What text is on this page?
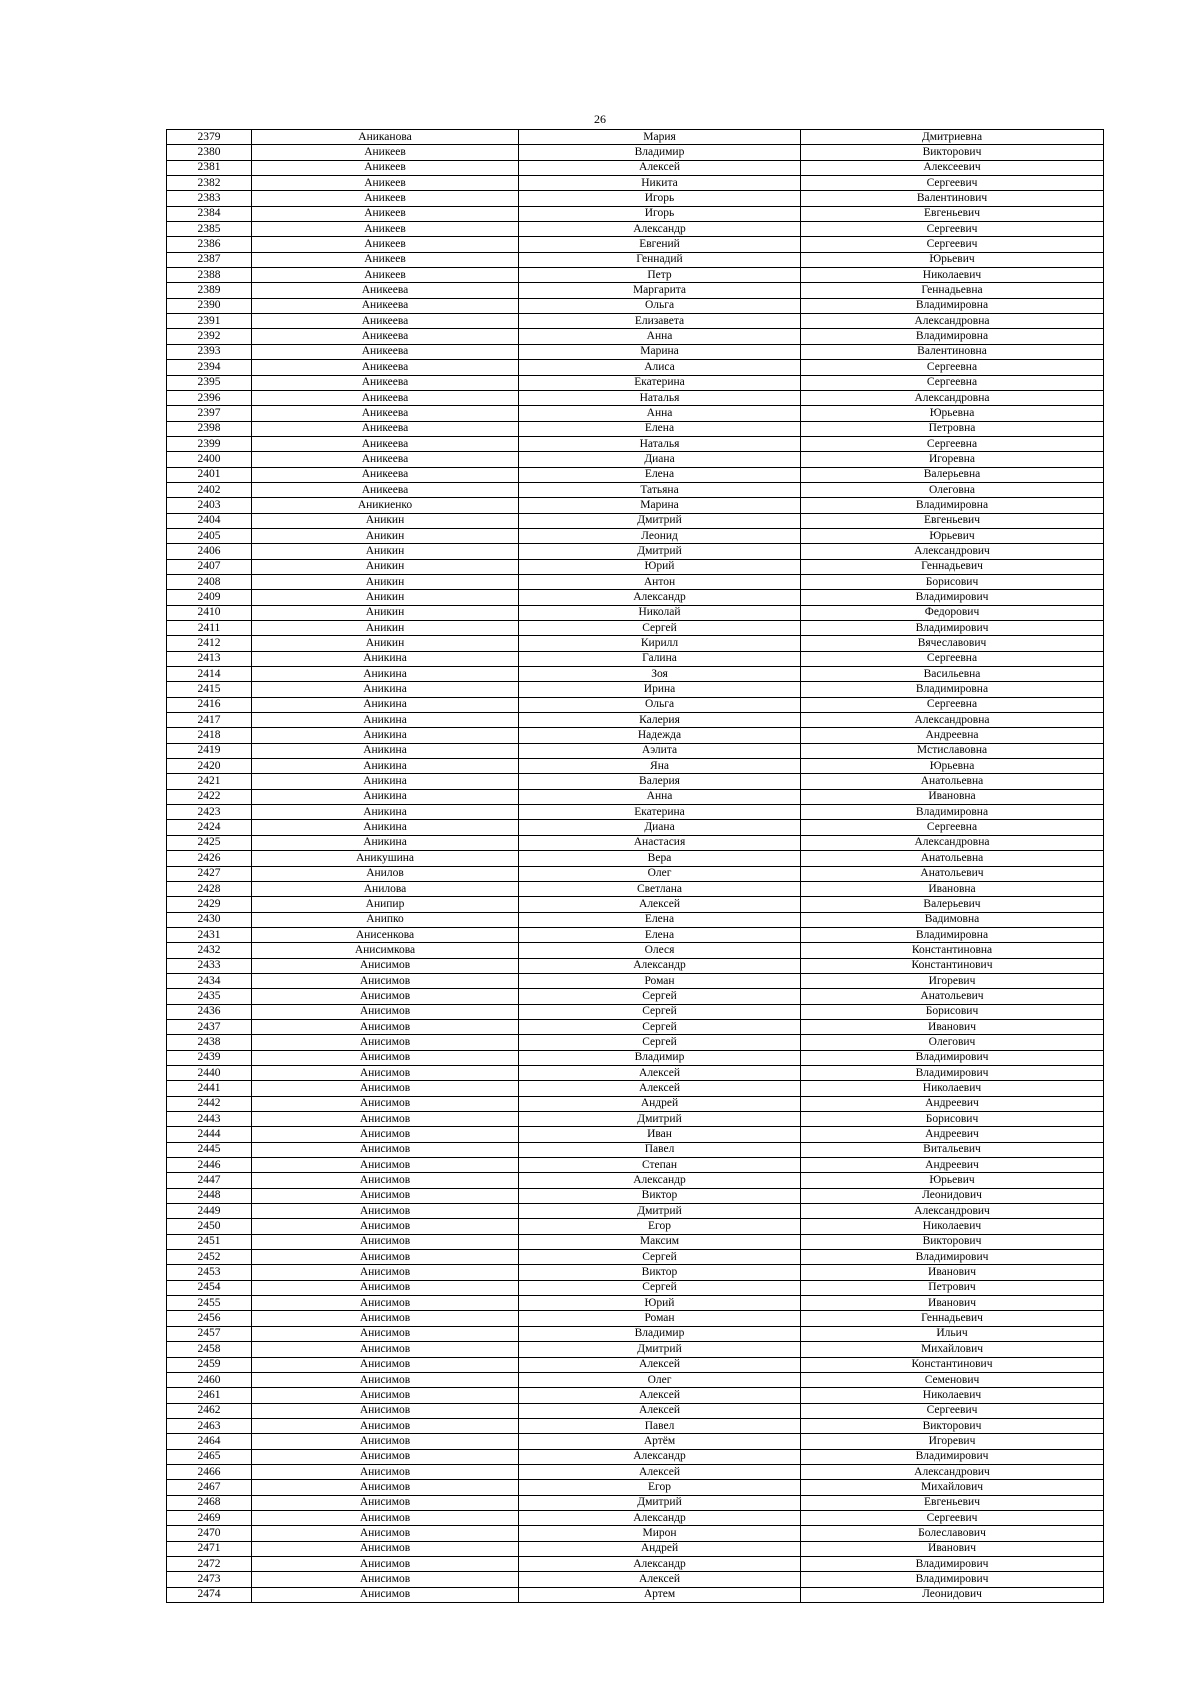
26
2379	Аниканова	Мария	Дмитриевна
2380	Аникеев	Владимир	Викторович
2381	Аникеев	Алексей	Алексеевич
2382	Аникеев	Никита	Сергеевич
2383	Аникеев	Игорь	Валентинович
2384	Аникеев	Игорь	Евгеньевич
2385	Аникеев	Александр	Сергеевич
2386	Аникеев	Евгений	Сергеевич
2387	Аникеев	Геннадий	Юрьевич
2388	Аникеев	Петр	Николаевич
2389	Аникеева	Маргарита	Геннадьевна
2390	Аникеева	Ольга	Владимировна
2391	Аникеева	Елизавета	Александровна
2392	Аникеева	Анна	Владимировна
2393	Аникеева	Марина	Валентиновна
2394	Аникеева	Алиса	Сергеевна
2395	Аникеева	Екатерина	Сергеевна
2396	Аникеева	Наталья	Александровна
2397	Аникеева	Анна	Юрьевна
2398	Аникеева	Елена	Петровна
2399	Аникеева	Наталья	Сергеевна
2400	Аникеева	Диана	Игоревна
2401	Аникеева	Елена	Валерьевна
2402	Аникеева	Татьяна	Олеговна
2403	Аникиенко	Марина	Владимировна
2404	Аникин	Дмитрий	Евгеньевич
2405	Аникин	Леонид	Юрьевич
2406	Аникин	Дмитрий	Александрович
2407	Аникин	Юрий	Геннадьевич
2408	Аникин	Антон	Борисович
2409	Аникин	Александр	Владимирович
2410	Аникин	Николай	Федорович
2411	Аникин	Сергей	Владимирович
2412	Аникин	Кирилл	Вячеславович
2413	Аникина	Галина	Сергеевна
2414	Аникина	Зоя	Васильевна
2415	Аникина	Ирина	Владимировна
2416	Аникина	Ольга	Сергеевна
2417	Аникина	Калерия	Александровна
2418	Аникина	Надежда	Андреевна
2419	Аникина	Аэлита	Мстиславовна
2420	Аникина	Яна	Юрьевна
2421	Аникина	Валерия	Анатольевна
2422	Аникина	Анна	Ивановна
2423	Аникина	Екатерина	Владимировна
2424	Аникина	Диана	Сергеевна
2425	Аникина	Анастасия	Александровна
2426	Аникушина	Вера	Анатольевна
2427	Анилов	Олег	Анатольевич
2428	Анилова	Светлана	Ивановна
2429	Анипир	Алексей	Валерьевич
2430	Анипко	Елена	Вадимовна
2431	Анисенкова	Елена	Владимировна
2432	Анисимкова	Олеся	Константиновна
2433	Анисимов	Александр	Константинович
2434	Анисимов	Роман	Игоревич
2435	Анисимов	Сергей	Анатольевич
2436	Анисимов	Сергей	Борисович
2437	Анисимов	Сергей	Иванович
2438	Анисимов	Сергей	Олегович
2439	Анисимов	Владимир	Владимирович
2440	Анисимов	Алексей	Владимирович
2441	Анисимов	Алексей	Николаевич
2442	Анисимов	Андрей	Андреевич
2443	Анисимов	Дмитрий	Борисович
2444	Анисимов	Иван	Андреевич
2445	Анисимов	Павел	Витальевич
2446	Анисимов	Степан	Андреевич
2447	Анисимов	Александр	Юрьевич
2448	Анисимов	Виктор	Леонидович
2449	Анисимов	Дмитрий	Александрович
2450	Анисимов	Егор	Николаевич
2451	Анисимов	Максим	Викторович
2452	Анисимов	Сергей	Владимирович
2453	Анисимов	Виктор	Иванович
2454	Анисимов	Сергей	Петрович
2455	Анисимов	Юрий	Иванович
2456	Анисимов	Роман	Геннадьевич
2457	Анисимов	Владимир	Ильич
2458	Анисимов	Дмитрий	Михайлович
2459	Анисимов	Алексей	Константинович
2460	Анисимов	Олег	Семенович
2461	Анисимов	Алексей	Николаевич
2462	Анисимов	Алексей	Сергеевич
2463	Анисимов	Павел	Викторович
2464	Анисимов	Артём	Игоревич
2465	Анисимов	Александр	Владимирович
2466	Анисимов	Алексей	Александрович
2467	Анисимов	Егор	Михайлович
2468	Анисимов	Дмитрий	Евгеньевич
2469	Анисимов	Александр	Сергеевич
2470	Анисимов	Мирон	Болеславович
2471	Анисимов	Андрей	Иванович
2472	Анисимов	Александр	Владимирович
2473	Анисимов	Алексей	Владимирович
2474	Анисимов	Артем	Леонидович
